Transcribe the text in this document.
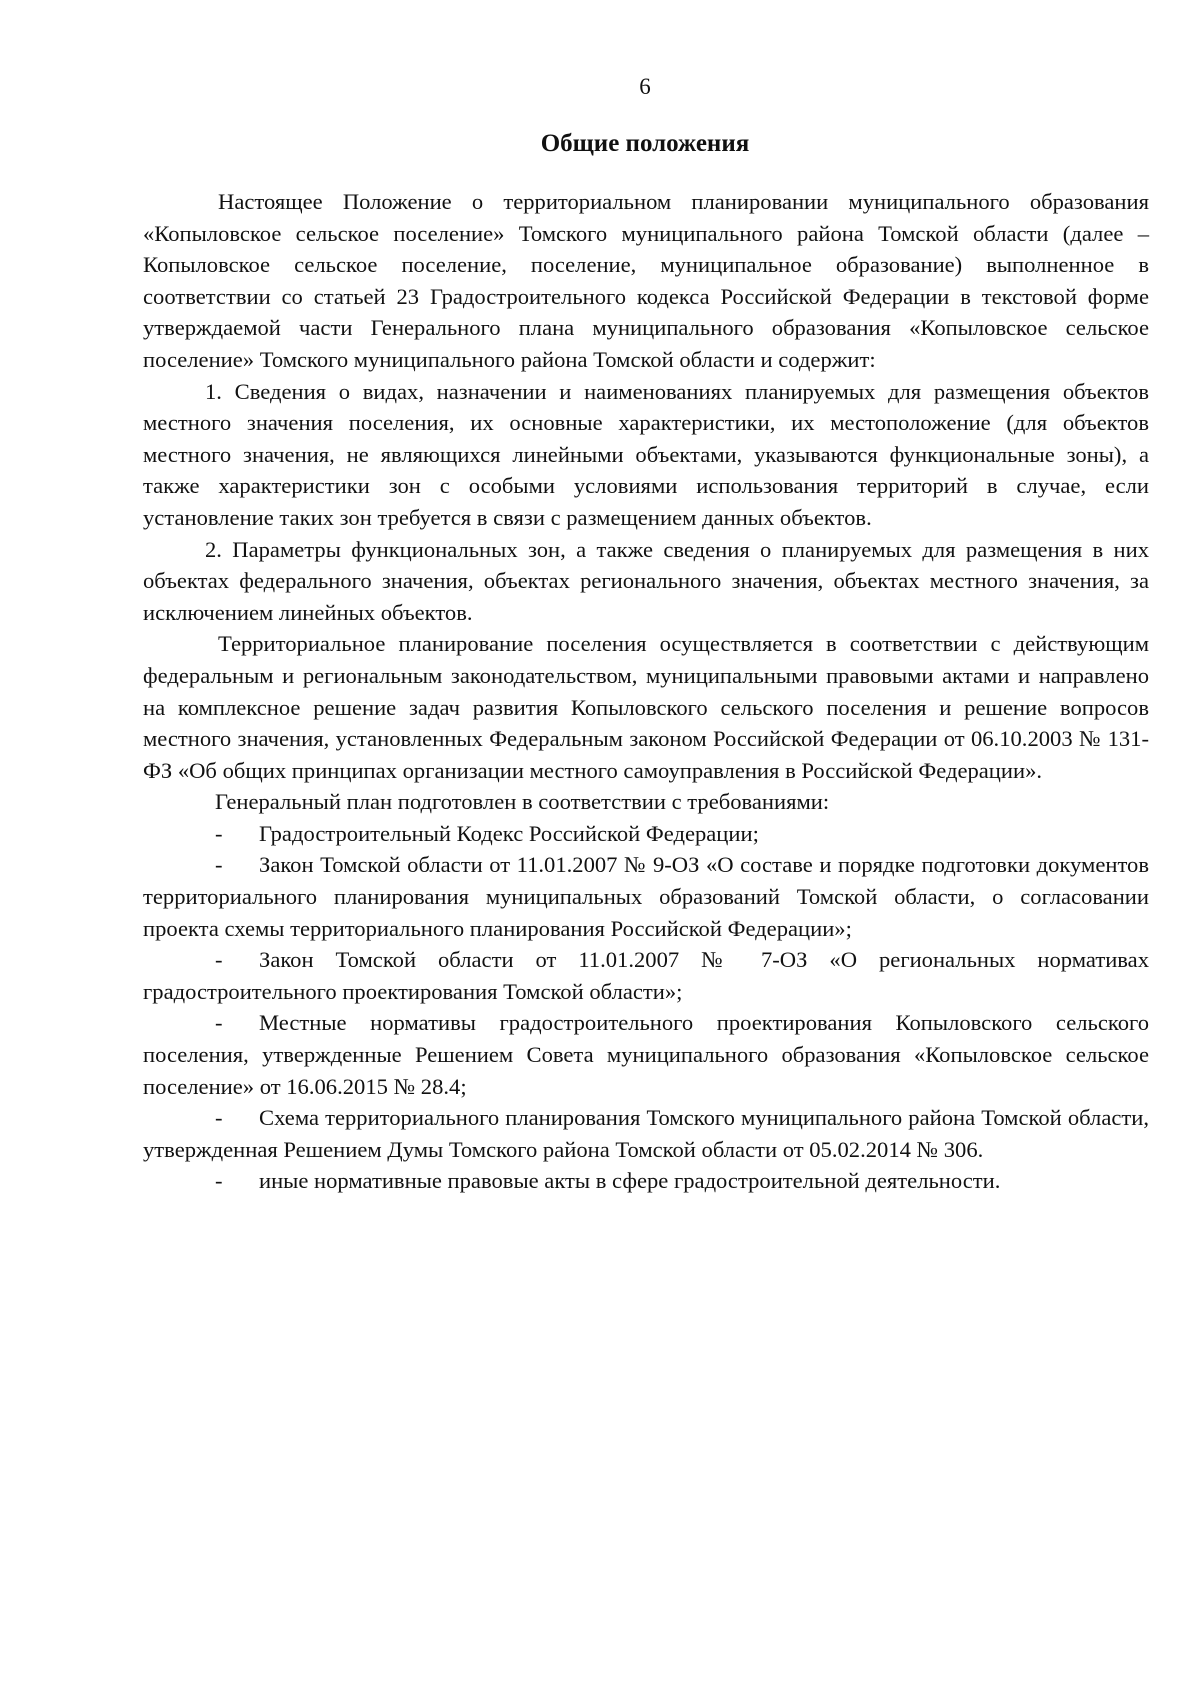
6
Общие положения

Настоящее Положение о территориальном планировании муниципального образования «Копыловское сельское поселение» Томского муниципального района Томской области (далее – Копыловское сельское поселение, поселение, муниципальное образование) выполненное в соответствии со статьей 23 Градостроительного кодекса Российской Федерации в текстовой форме утверждаемой части Генерального плана муниципального образования «Копыловское сельское поселение» Томского муниципального района Томской области и содержит:

1. Сведения о видах, назначении и наименованиях планируемых для размещения объектов местного значения поселения, их основные характеристики, их местоположение (для объектов местного значения, не являющихся линейными объектами, указываются функциональные зоны), а также характеристики зон с особыми условиями использования территорий в случае, если установление таких зон требуется в связи с размещением данных объектов.

2. Параметры функциональных зон, а также сведения о планируемых для размещения в них объектах федерального значения, объектах регионального значения, объектах местного значения, за исключением линейных объектов.

Территориальное планирование поселения осуществляется в соответствии с действующим федеральным и региональным законодательством, муниципальными правовыми актами и направлено на комплексное решение задач развития Копыловского сельского поселения и решение вопросов местного значения, установленных Федеральным законом Российской Федерации от 06.10.2003 № 131-ФЗ «Об общих принципах организации местного самоуправления в Российской Федерации».

Генеральный план подготовлен в соответствии с требованиями:

- Градостроительный Кодекс Российской Федерации;

- Закон Томской области от 11.01.2007 № 9-ОЗ «О составе и порядке подготовки документов территориального планирования муниципальных образований Томской области, о согласовании проекта схемы территориального планирования Российской Федерации»;

- Закон Томской области от 11.01.2007 № 7-ОЗ «О региональных нормативах градостроительного проектирования Томской области»;

- Местные нормативы градостроительного проектирования Копыловского сельского поселения, утвержденные Решением Совета муниципального образования «Копыловское сельское поселение» от 16.06.2015 № 28.4;

- Схема территориального планирования Томского муниципального района Томской области, утвержденная Решением Думы Томского района Томской области от 05.02.2014 № 306.

- иные нормативные правовые акты в сфере градостроительной деятельности.
